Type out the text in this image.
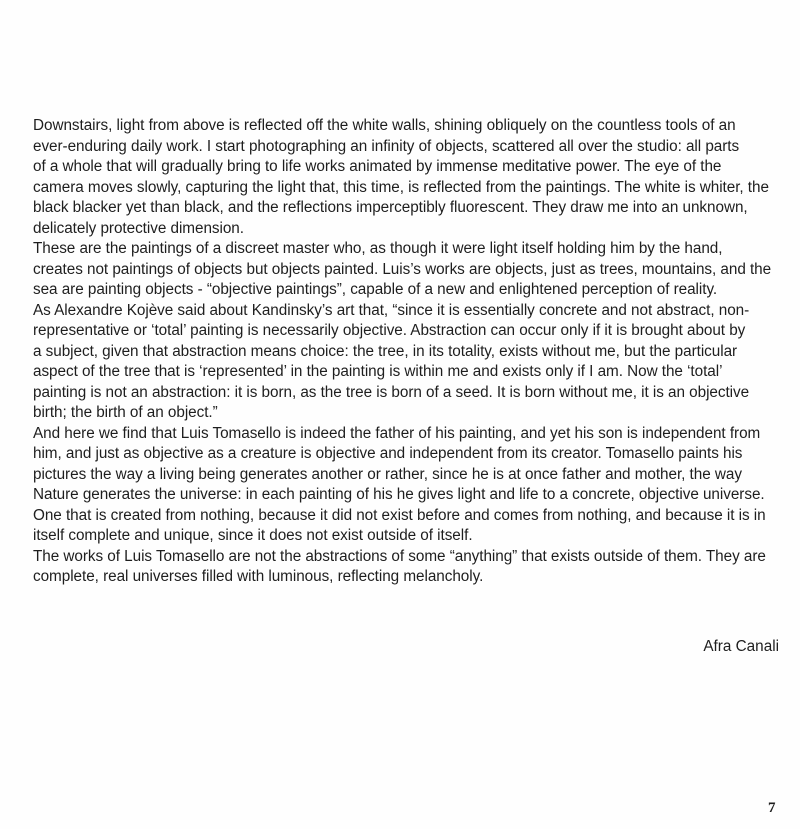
Downstairs, light from above is reflected off the white walls, shining obliquely on the countless tools of an
ever-enduring daily work. I start photographing an infinity of objects, scattered all over the studio: all parts
of a whole that will gradually bring to life works animated by immense meditative power. The eye of the
camera moves slowly, capturing the light that, this time, is reflected from the paintings. The white is whiter, the
black blacker yet than black, and the reflections imperceptibly fluorescent. They draw me into an unknown,
delicately protective dimension.
These are the paintings of a discreet master who, as though it were light itself holding him by the hand,
creates not paintings of objects but objects painted. Luis’s works are objects, just as trees, mountains, and the
sea are painting objects - “objective paintings”, capable of a new and enlightened perception of reality.
As Alexandre Kojève said about Kandinsky’s art that, “since it is essentially concrete and not abstract, non-
representative or ‘total’ painting is necessarily objective. Abstraction can occur only if it is brought about by
a subject, given that abstraction means choice: the tree, in its totality, exists without me, but the particular
aspect of the tree that is ‘represented’ in the painting is within me and exists only if I am. Now the ‘total’
painting is not an abstraction: it is born, as the tree is born of a seed. It is born without me, it is an objective
birth; the birth of an object.”
And here we find that Luis Tomasello is indeed the father of his painting, and yet his son is independent from
him, and just as objective as a creature is objective and independent from its creator. Tomasello paints his
pictures the way a living being generates another or rather, since he is at once father and mother, the way
Nature generates the universe: in each painting of his he gives light and life to a concrete, objective universe.
One that is created from nothing, because it did not exist before and comes from nothing, and because it is in
itself complete and unique, since it does not exist outside of itself.
The works of Luis Tomasello are not the abstractions of some “anything” that exists outside of them. They are
complete, real universes filled with luminous, reflecting melancholy.
Afra Canali
7
